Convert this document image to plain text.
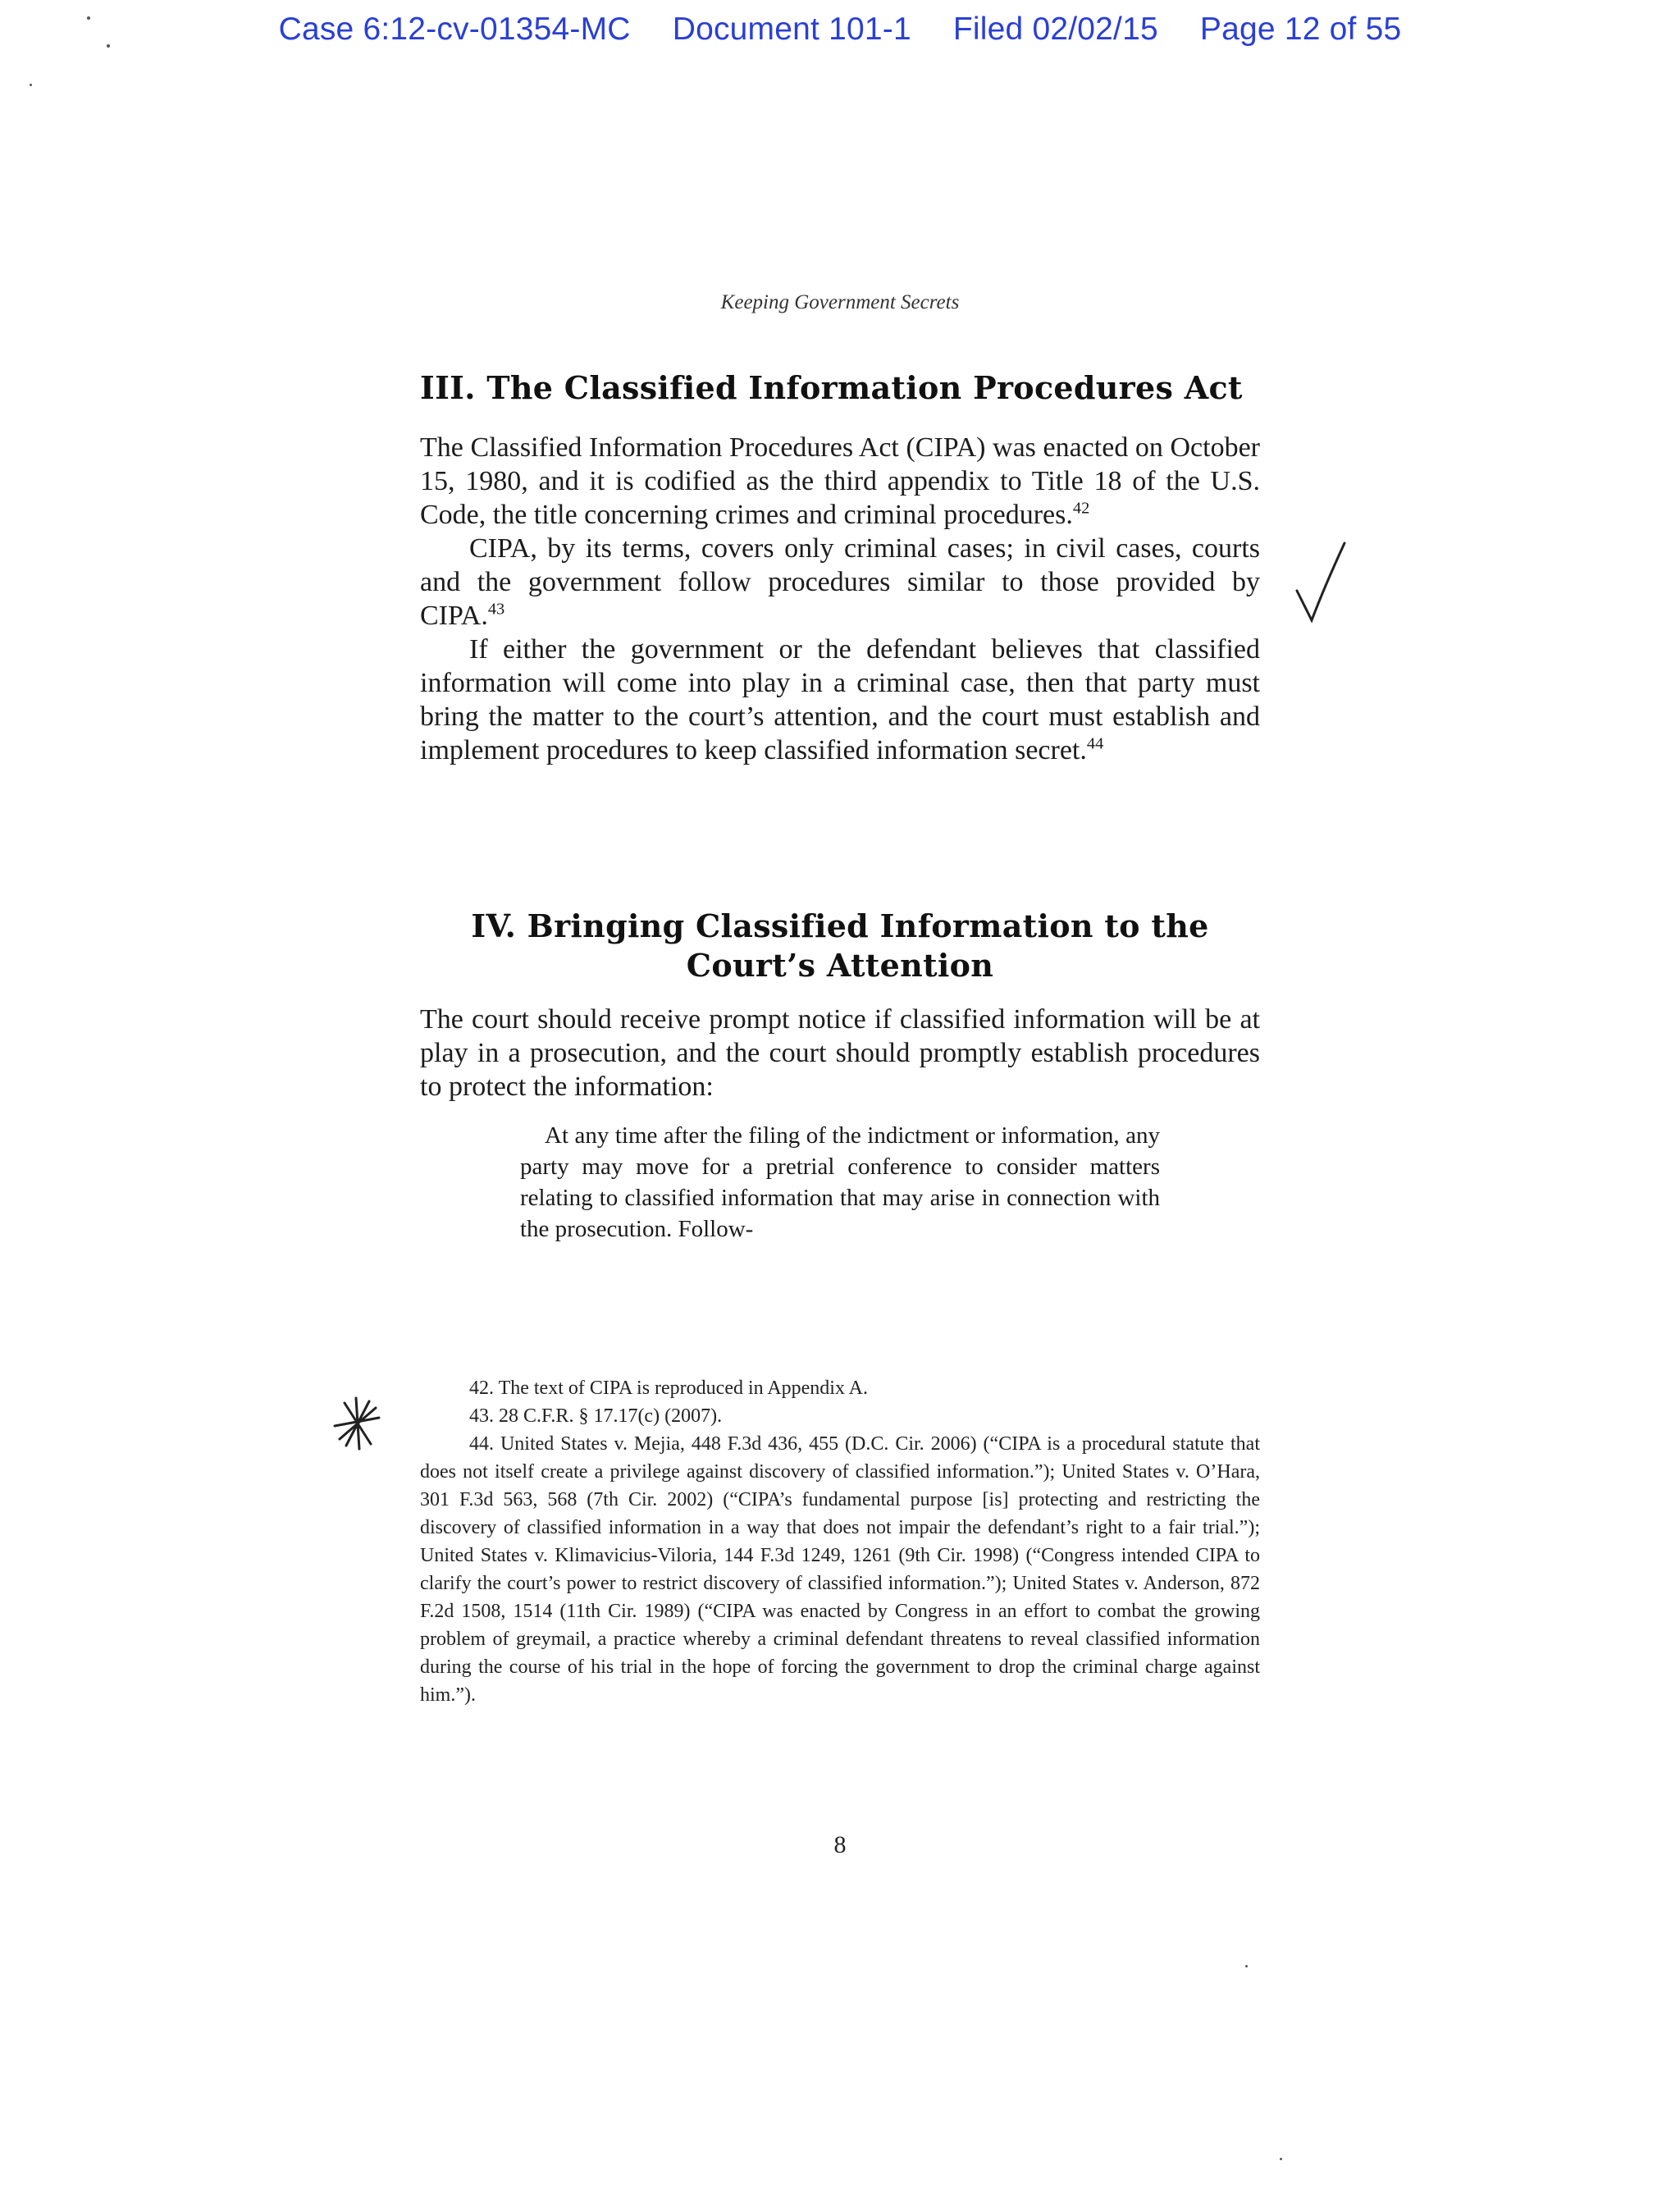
Case 6:12-cv-01354-MC Document 101-1 Filed 02/02/15 Page 12 of 55
Keeping Government Secrets
III. The Classified Information Procedures Act

The Classified Information Procedures Act (CIPA) was enacted on October 15, 1980, and it is codified as the third appendix to Title 18 of the U.S. Code, the title concerning crimes and criminal procedures.$^{42}$

CIPA, by its terms, covers only criminal cases; in civil cases, courts and the government follow procedures similar to those provided by CIPA.$^{43}$

If either the government or the defendant believes that classified information will come into play in a criminal case, then that party must bring the matter to the court’s attention, and the court must establish and implement procedures to keep classified information secret.$^{44}$

IV. Bringing Classified Information to the
Court’s Attention

The court should receive prompt notice if classified information will be at play in a prosecution, and the court should promptly establish procedures to protect the information:

At any time after the filing of the indictment or information, any party may move for a pretrial conference to consider matters relating to classified information that may arise in connection with the prosecution. Follow-

42. The text of CIPA is reproduced in Appendix A.

43. 28 C.F.R. § 17.17(c) (2007).

44. United States v. Mejia, 448 F.3d 436, 455 (D.C. Cir. 2006) (“CIPA is a procedural statute that does not itself create a privilege against discovery of classified information.”); United States v. O’Hara, 301 F.3d 563, 568 (7th Cir. 2002) (“CIPA’s fundamental purpose [is] protecting and restricting the discovery of classified information in a way that does not impair the defendant’s right to a fair trial.”); United States v. Klimavicius-Viloria, 144 F.3d 1249, 1261 (9th Cir. 1998) (“Congress intended CIPA to clarify the court’s power to restrict discovery of classified information.”); United States v. Anderson, 872 F.2d 1508, 1514 (11th Cir. 1989) (“CIPA was enacted by Congress in an effort to combat the growing problem of greymail, a practice whereby a criminal defendant threatens to reveal classified information during the course of his trial in the hope of forcing the government to drop the criminal charge against him.”).

8
